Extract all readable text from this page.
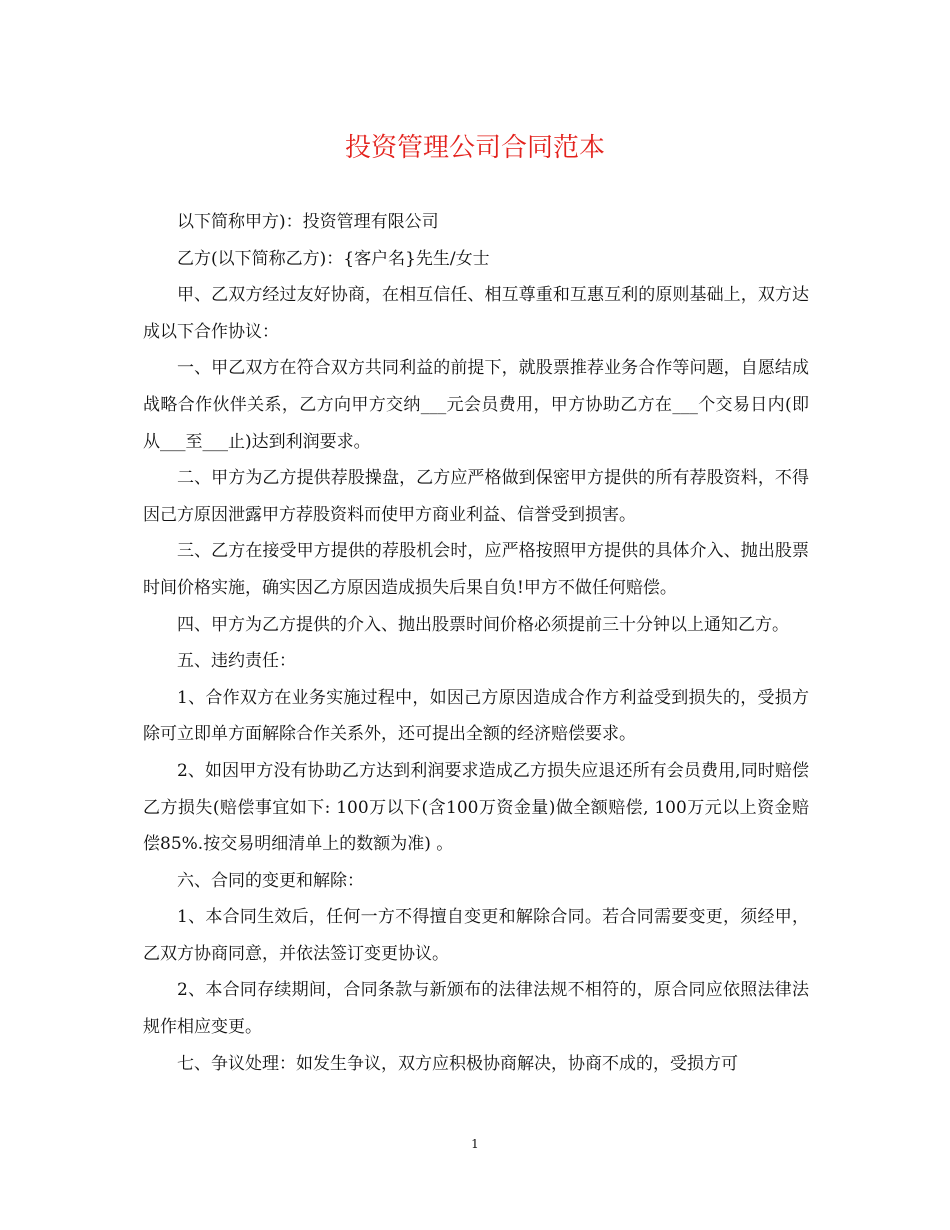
投资管理公司合同范本

以下简称甲方)：投资管理有限公司

乙方(以下简称乙方)：{客户名}先生/女士

甲、乙双方经过友好协商，在相互信任、相互尊重和互惠互利的原则基础上，双方达成以下合作协议：

一、甲乙双方在符合双方共同利益的前提下，就股票推荐业务合作等问题，自愿结成战略合作伙伴关系，乙方向甲方交纳___元会员费用，甲方协助乙方在___个交易日内(即从___至___止)达到利润要求。

二、甲方为乙方提供荐股操盘，乙方应严格做到保密甲方提供的所有荐股资料，不得因己方原因泄露甲方荐股资料而使甲方商业利益、信誉受到损害。

三、乙方在接受甲方提供的荐股机会时，应严格按照甲方提供的具体介入、抛出股票时间价格实施，确实因乙方原因造成损失后果自负!甲方不做任何赔偿。

四、甲方为乙方提供的介入、抛出股票时间价格必须提前三十分钟以上通知乙方。

五、违约责任：

1、合作双方在业务实施过程中，如因己方原因造成合作方利益受到损失的，受损方除可立即单方面解除合作关系外，还可提出全额的经济赔偿要求。

2、如因甲方没有协助乙方达到利润要求造成乙方损失应退还所有会员费用,同时赔偿乙方损失(赔偿事宜如下: 100万以下(含100万资金量)做全额赔偿, 100万元以上资金赔偿85%.按交易明细清单上的数额为准) 。

六、合同的变更和解除：

1、本合同生效后，任何一方不得擅自变更和解除合同。若合同需要变更，须经甲，乙双方协商同意，并依法签订变更协议。

2、本合同存续期间，合同条款与新颁布的法律法规不相符的，原合同应依照法律法规作相应变更。

七、争议处理：如发生争议，双方应积极协商解决，协商不成的，受损方可

1
